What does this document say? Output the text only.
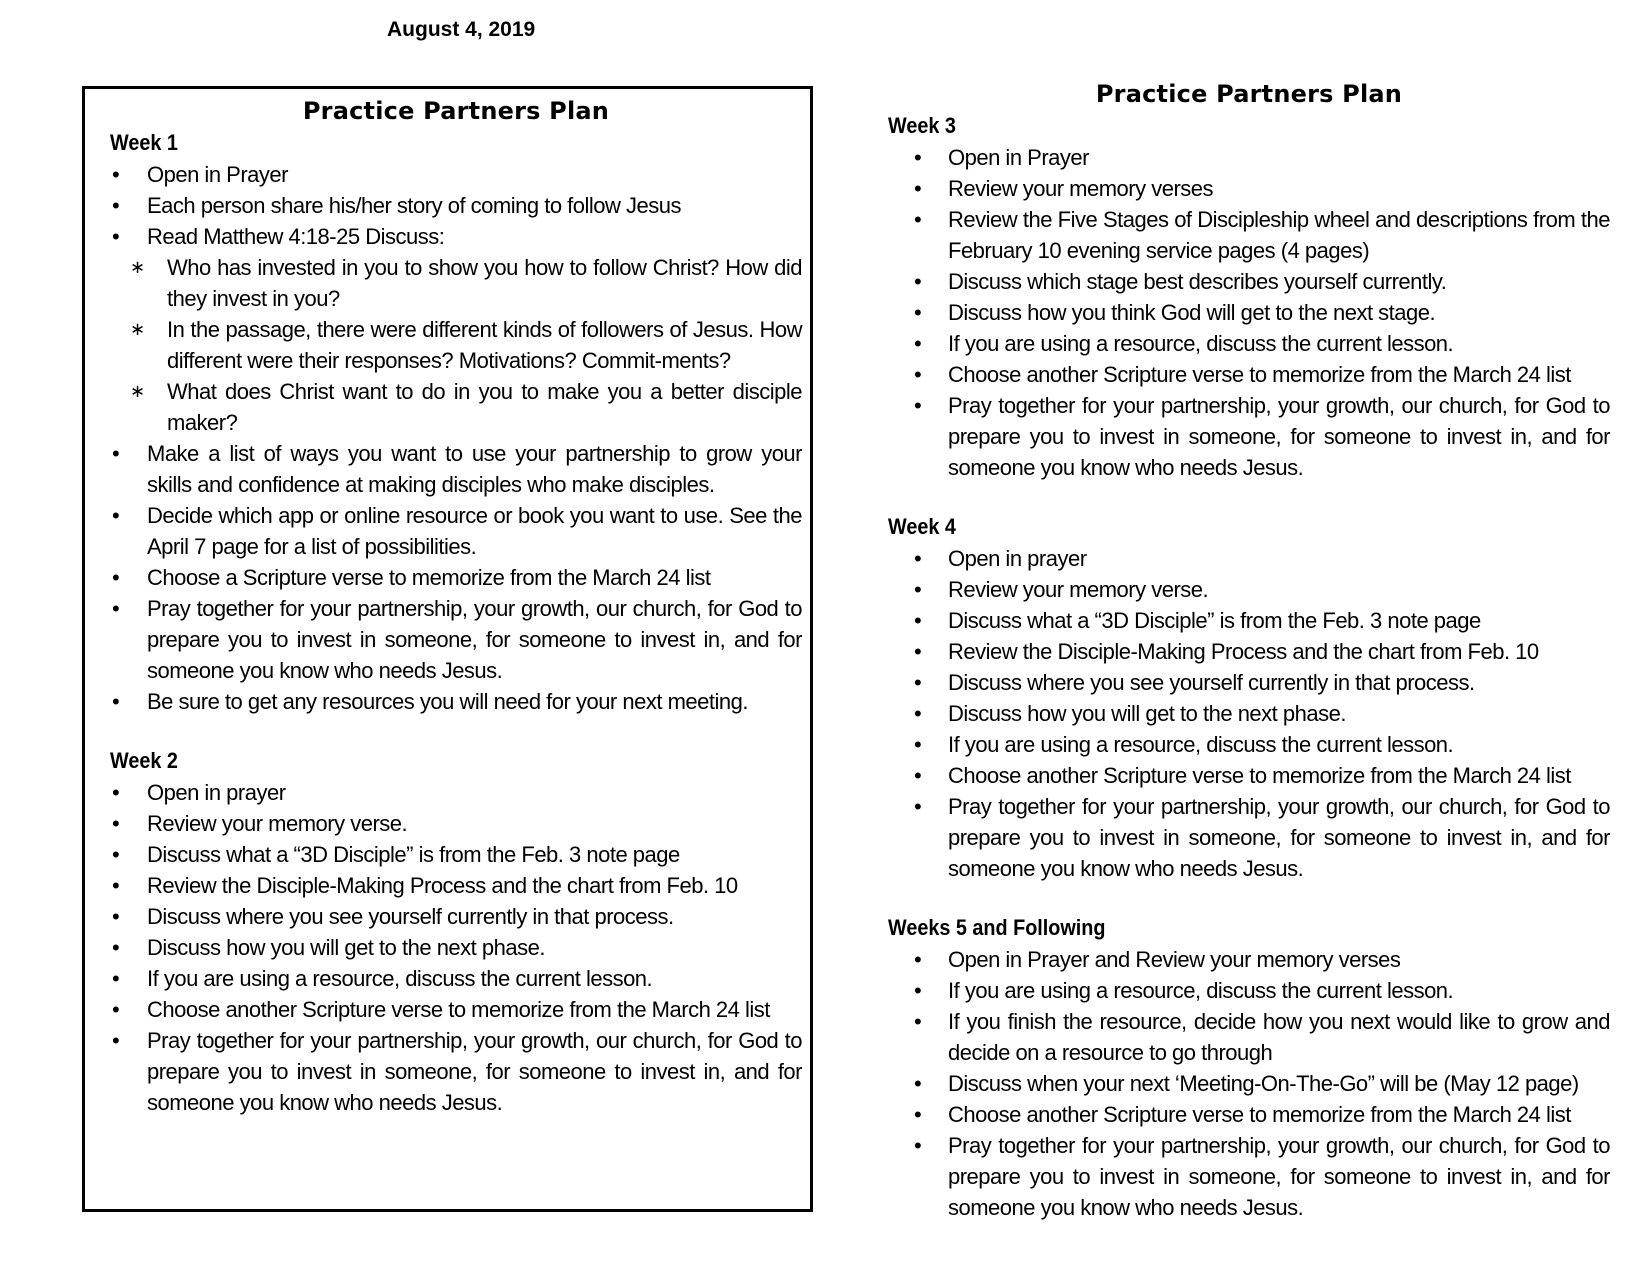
August 4, 2019
Practice Partners Plan
Week 1
• Open in Prayer
• Each person share his/her story of coming to follow Jesus
• Read Matthew 4:18-25 Discuss:
∗ Who has invested in you to show you how to follow Christ? How did they invest in you?
∗ In the passage, there were different kinds of followers of Jesus. How different were their responses? Motivations? Commit-ments?
∗ What does Christ want to do in you to make you a better disciple maker?
• Make a list of ways you want to use your partnership to grow your skills and confidence at making disciples who make disciples.
• Decide which app or online resource or book you want to use. See the April 7 page for a list of possibilities.
• Choose a Scripture verse to memorize from the March 24 list
• Pray together for your partnership, your growth, our church, for God to prepare you to invest in someone, for someone to invest in, and for someone you know who needs Jesus.
• Be sure to get any resources you will need for your next meeting.
Week 2
• Open in prayer
• Review your memory verse.
• Discuss what a “3D Disciple” is from the Feb. 3 note page
• Review the Disciple-Making Process and the chart from Feb. 10
• Discuss where you see yourself currently in that process.
• Discuss how you will get to the next phase.
• If you are using a resource, discuss the current lesson.
• Choose another Scripture verse to memorize from the March 24 list
• Pray together for your partnership, your growth, our church, for God to prepare you to invest in someone, for someone to invest in, and for someone you know who needs Jesus.
Practice Partners Plan
Week 3
• Open in Prayer
• Review your memory verses
• Review the Five Stages of Discipleship wheel and descriptions from the February 10 evening service pages (4 pages)
• Discuss which stage best describes yourself currently.
• Discuss how you think God will get to the next stage.
• If you are using a resource, discuss the current lesson.
• Choose another Scripture verse to memorize from the March 24 list
• Pray together for your partnership, your growth, our church, for God to prepare you to invest in someone, for someone to invest in, and for someone you know who needs Jesus.
Week 4
• Open in prayer
• Review your memory verse.
• Discuss what a “3D Disciple” is from the Feb. 3 note page
• Review the Disciple-Making Process and the chart from Feb. 10
• Discuss where you see yourself currently in that process.
• Discuss how you will get to the next phase.
• If you are using a resource, discuss the current lesson.
• Choose another Scripture verse to memorize from the March 24 list
• Pray together for your partnership, your growth, our church, for God to prepare you to invest in someone, for someone to invest in, and for someone you know who needs Jesus.
Weeks 5 and Following
• Open in Prayer and Review your memory verses
• If you are using a resource, discuss the current lesson.
• If you finish the resource, decide how you next would like to grow and decide on a resource to go through
• Discuss when your next ‘Meeting-On-The-Go” will be (May 12 page)
• Choose another Scripture verse to memorize from the March 24 list
• Pray together for your partnership, your growth, our church, for God to prepare you to invest in someone, for someone to invest in, and for someone you know who needs Jesus.
